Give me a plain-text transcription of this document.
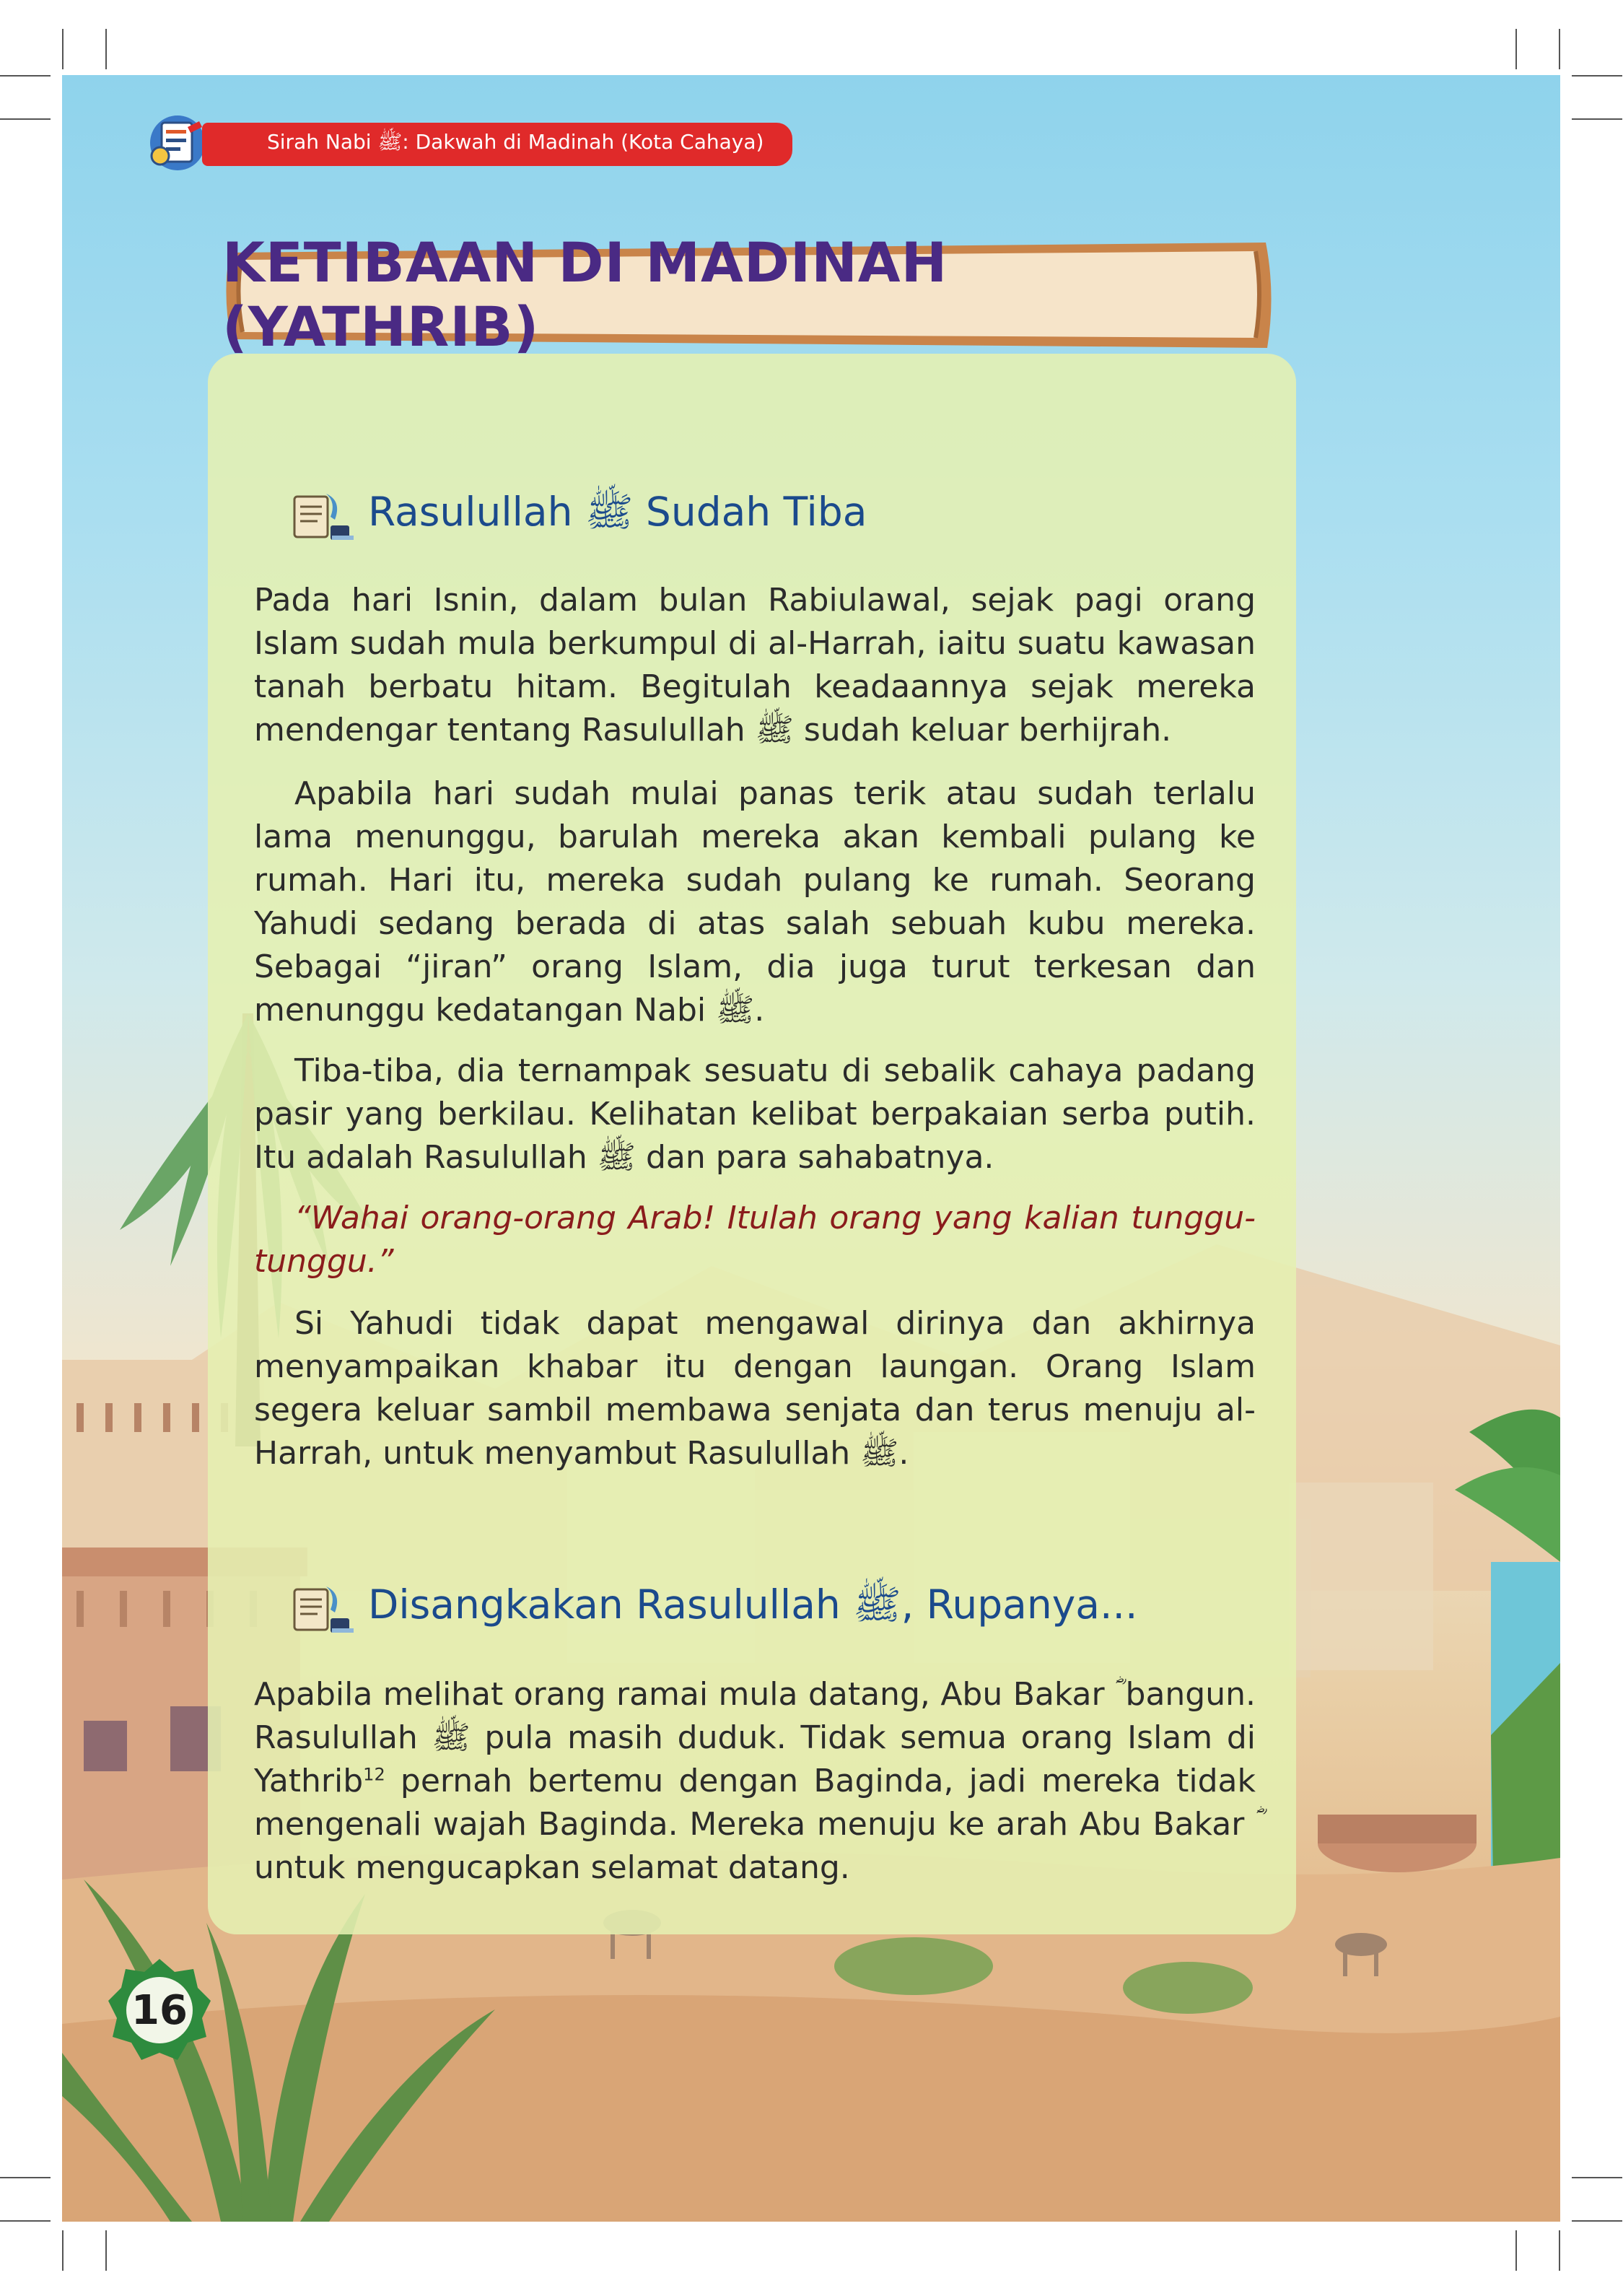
Sirah Nabi ﷺ: Dakwah di Madinah (Kota Cahaya)
KETIBAAN DI MADINAH (YATHRIB)
Rasulullah ﷺ Sudah Tiba

Pada hari Isnin, dalam bulan Rabiulawal, sejak pagi orang Islam sudah mula berkumpul di al-Harrah, iaitu suatu kawasan tanah berbatu hitam. Begitulah keadaannya sejak mereka mendengar tentang Rasulullah ﷺ sudah keluar berhijrah.

Apabila hari sudah mulai panas terik atau sudah terlalu lama menunggu, barulah mereka akan kembali pulang ke rumah. Hari itu, mereka sudah pulang ke rumah. Seorang Yahudi sedang berada di atas salah sebuah kubu mereka. Sebagai “jiran” orang Islam, dia juga turut terkesan dan menunggu kedatangan Nabi ﷺ.

Tiba-tiba, dia ternampak sesuatu di sebalik cahaya padang pasir yang berkilau. Kelihatan kelibat berpakaian serba putih. Itu adalah Rasulullah ﷺ dan para sahabatnya.

“Wahai orang-orang Arab! Itulah orang yang kalian tunggu-tunggu.”

Si Yahudi tidak dapat mengawal dirinya dan akhirnya menyampaikan khabar itu dengan laungan. Orang Islam segera keluar sambil membawa senjata dan terus menuju al-Harrah, untuk menyambut Rasulullah ﷺ.

Disangkakan Rasulullah ﷺ, Rupanya...

Apabila melihat orang ramai mula datang, Abu Bakar ؓ bangun. Rasulullah ﷺ pula masih duduk. Tidak semua orang Islam di Yathrib$^{12}$ pernah bertemu dengan Baginda, jadi mereka tidak mengenali wajah Baginda. Mereka menuju ke arah Abu Bakar ؓ untuk mengucapkan selamat datang.

16
